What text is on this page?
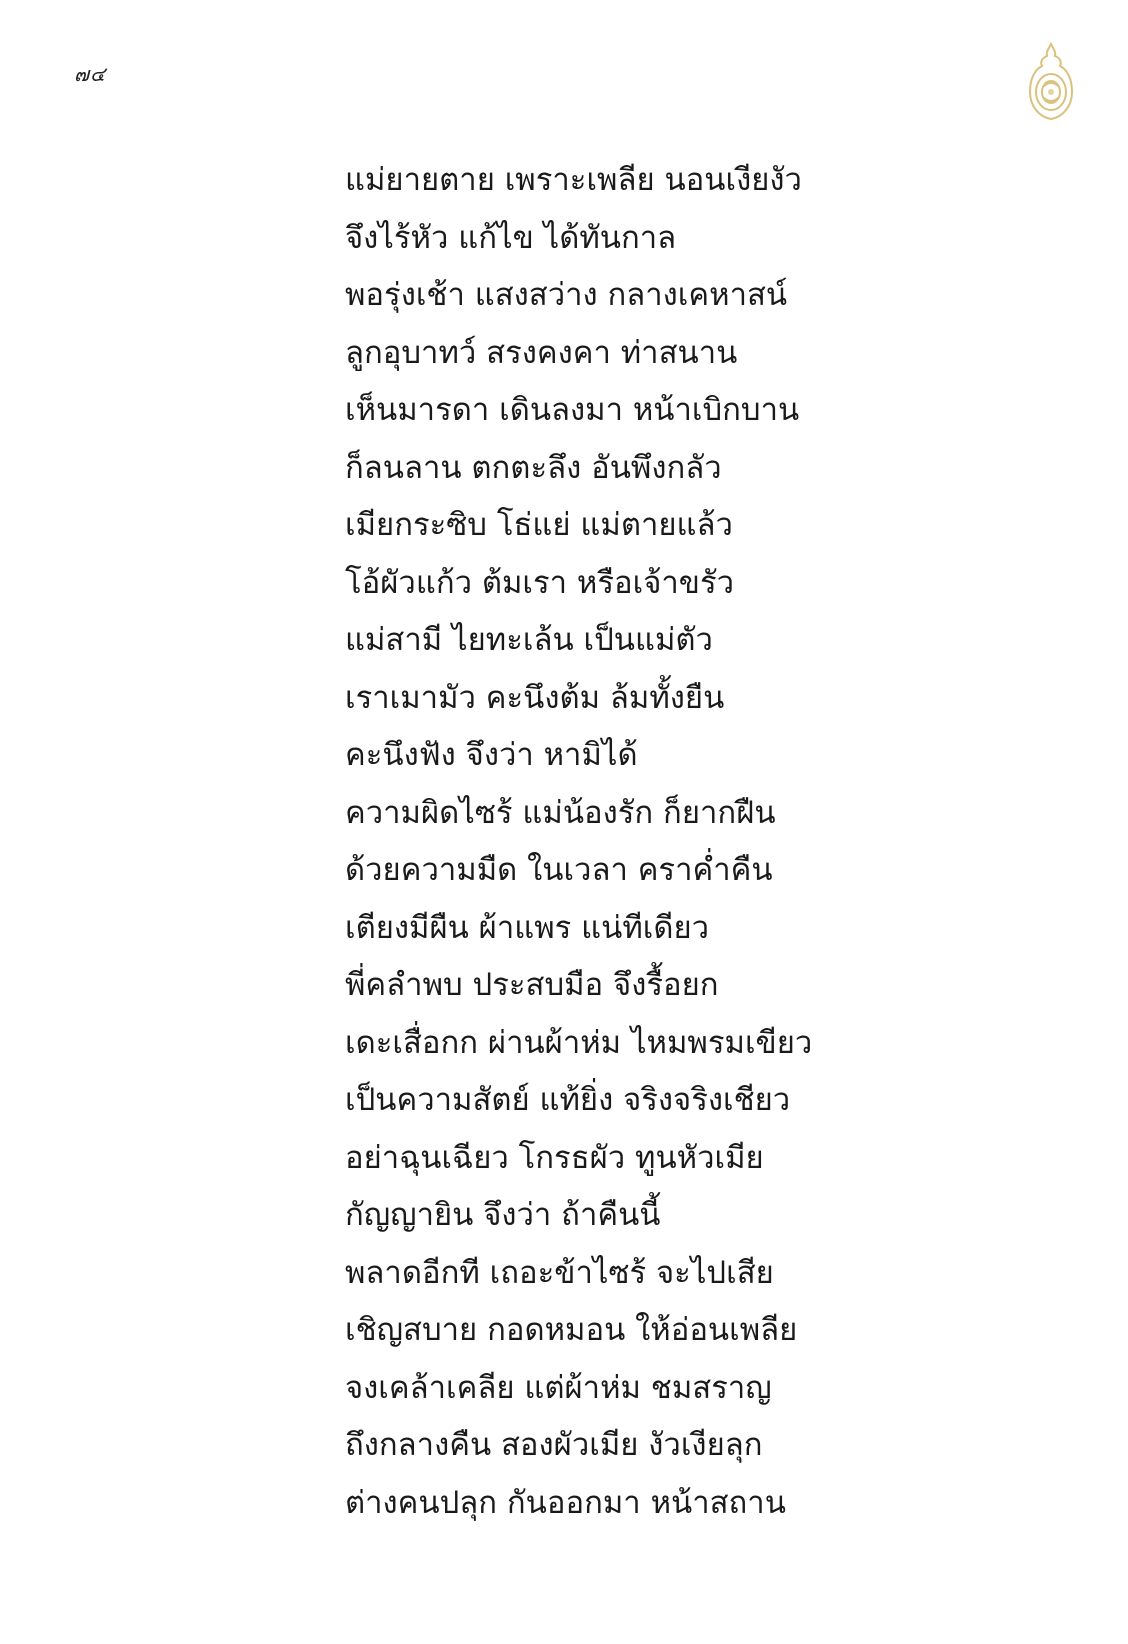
๗๔
แม่ยายตาย เพราะเพลีย นอนเงียงัว
จึงไร้หัว แก้ไข ได้ทันกาล
พอรุ่งเช้า แสงสว่าง กลางเคหาสน์
ลูกอุบาทว์ สรงคงคา ท่าสนาน
เห็นมารดา เดินลงมา หน้าเบิกบาน
ก็ลนลาน ตกตะลึง อันพึงกลัว
เมียกระซิบ โธ่แย่ แม่ตายแล้ว
โอ้ผัวแก้ว ต้มเรา หรือเจ้าขรัว
แม่สามี ไยทะเล้น เป็นแม่ตัว
เราเมามัว คะนึงต้ม ล้มทั้งยืน
คะนึงฟัง จึงว่า หามิได้
ความผิดไซร้ แม่น้องรัก ก็ยากฝืน
ด้วยความมืด ในเวลา คราค่ำคืน
เตียงมีผืน ผ้าแพร แน่ทีเดียว
พี่คลำพบ ประสบมือ จึงรื้อยก
เดะเสื่อกก ผ่านผ้าห่ม ไหมพรมเขียว
เป็นความสัตย์ แท้ยิ่ง จริงจริงเชียว
อย่าฉุนเฉียว โกรธผัว ทูนหัวเมีย
กัญญายิน จึงว่า ถ้าคืนนี้
พลาดอีกที เถอะข้าไซร้ จะไปเสีย
เชิญสบาย กอดหมอน ให้อ่อนเพลีย
จงเคล้าเคลีย แต่ผ้าห่ม ชมสราญ
ถึงกลางคืน สองผัวเมีย งัวเงียลุก
ต่างคนปลุก กันออกมา หน้าสถาน
